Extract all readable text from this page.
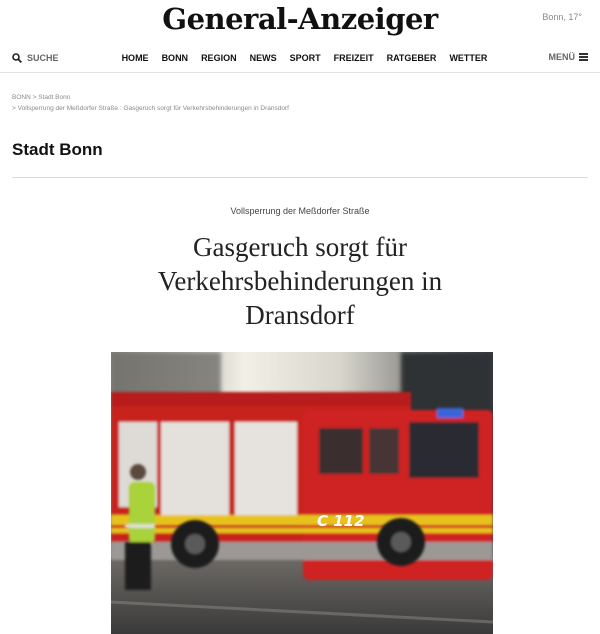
General-Anzeiger	Bonn, 17°
SUCHE	HOME BONN REGION NEWS SPORT FREIZEIT RATGEBER WETTER	MENÜ
BONN > Stadt Bonn
> Vollsperrung der Meßdorfer Straße : Gasgeruch sorgt für Verkehrsbehinderungen in Dransdorf
Stadt Bonn
Vollsperrung der Meßdorfer Straße
Gasgeruch sorgt für Verkehrsbehinderungen in Dransdorf
C 112
